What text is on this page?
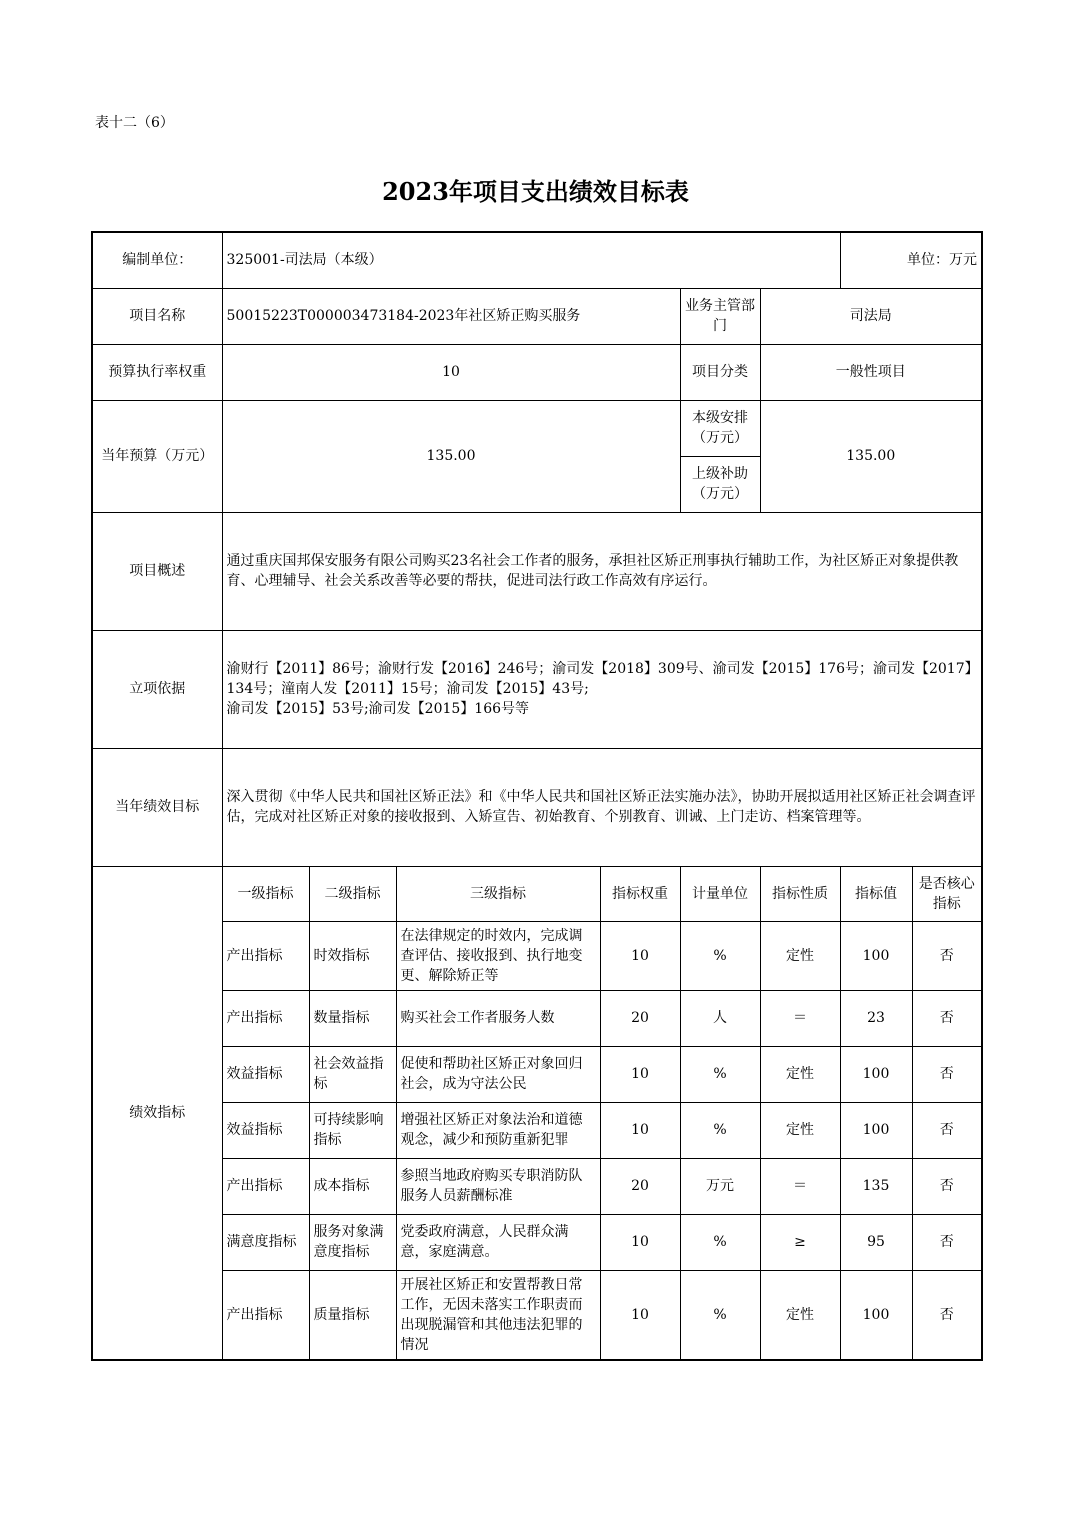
表十二（6）
2023年项目支出绩效目标表
编制单位：	325001-司法局（本级）						单位：万元	
项目名称	50015223T000003473184-2023年社区矫正购买服务				业务主管部门	司法局		
预算执行率权重	10				项目分类	一般性项目		
当年预算（万元）	135.00				本级安排（万元）	135.00		
					上级补助（万元）			
项目概述	通过重庆国邦保安服务有限公司购买23名社会工作者的服务，承担社区矫正刑事执行辅助工作，为社区矫正对象提供教育、心理辅导、社会关系改善等必要的帮扶，促进司法行政工作高效有序运行。							
立项依据	渝财行【2011】86号；渝财行发【2016】246号；渝司发【2018】309号、渝司发【2015】176号；渝司发【2017】134号；潼南人发【2011】15号；渝司发【2015】43号;
渝司发【2015】53号;渝司发【2015】166号等							

当年绩效目标	深入贯彻《中华人民共和国社区矫正法》和《中华人民共和国社区矫正法实施办法》，协助开展拟适用社区矫正社会调查评估，完成对社区矫正对象的接收报到、入矫宣告、初始教育、个别教育、训诫、上门走访、档案管理等。							
绩效指标	一级指标	二级指标	三级指标	指标权重	计量单位	指标性质	指标值	是否核心指标
	产出指标	时效指标	在法律规定的时效内，完成调查评估、接收报到、执行地变更、解除矫正等	10	%	定性	100	否
	产出指标	数量指标	购买社会工作者服务人数	20	人	＝	23	否
	效益指标	社会效益指标	促使和帮助社区矫正对象回归社会，成为守法公民	10	%	定性	100	否
	效益指标	可持续影响指标	增强社区矫正对象法治和道德观念，减少和预防重新犯罪	10	%	定性	100	否
	产出指标	成本指标	参照当地政府购买专职消防队服务人员薪酬标准	20	万元	＝	135	否
	满意度指标	服务对象满意度指标	党委政府满意，人民群众满意，家庭满意。	10	%	≥	95	否
	产出指标	质量指标	开展社区矫正和安置帮教日常工作，无因未落实工作职责而出现脱漏管和其他违法犯罪的情况	10	%	定性	100	否
